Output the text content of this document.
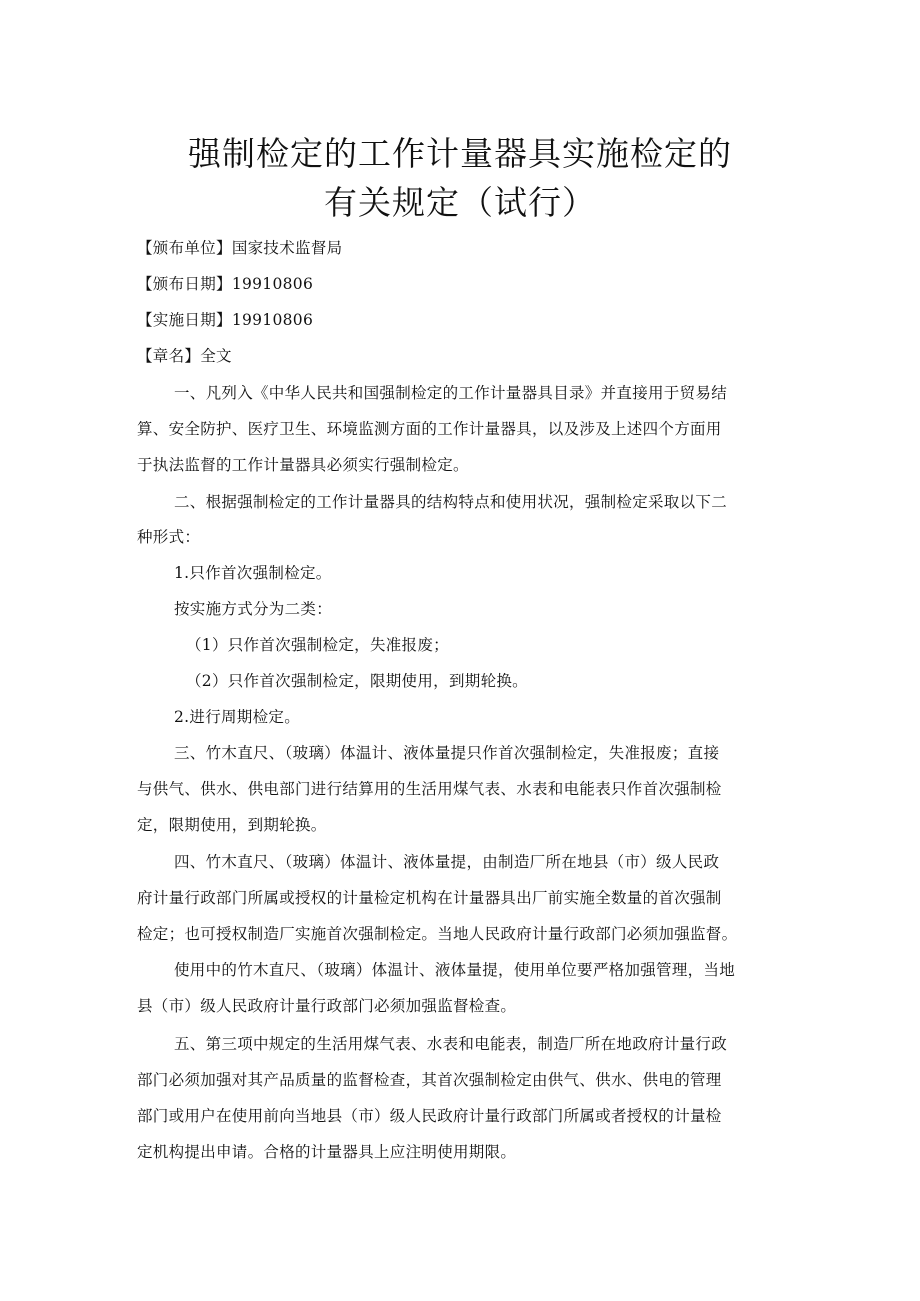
强制检定的工作计量器具实施检定的
有关规定（试行）
【颁布单位】国家技术监督局
【颁布日期】19910806
【实施日期】19910806
【章名】全文
一、凡列入《中华人民共和国强制检定的工作计量器具目录》并直接用于贸易结
算、安全防护、医疗卫生、环境监测方面的工作计量器具，以及涉及上述四个方面用
于执法监督的工作计量器具必须实行强制检定。
二、根据强制检定的工作计量器具的结构特点和使用状况，强制检定采取以下二
种形式：
1.只作首次强制检定。
按实施方式分为二类：
（1）只作首次强制检定，失准报废；
（2）只作首次强制检定，限期使用，到期轮换。
2.进行周期检定。
三、竹木直尺、（玻璃）体温计、液体量提只作首次强制检定，失准报废；直接
与供气、供水、供电部门进行结算用的生活用煤气表、水表和电能表只作首次强制检
定，限期使用，到期轮换。
四、竹木直尺、（玻璃）体温计、液体量提，由制造厂所在地县（市）级人民政
府计量行政部门所属或授权的计量检定机构在计量器具出厂前实施全数量的首次强制
检定；也可授权制造厂实施首次强制检定。当地人民政府计量行政部门必须加强监督。
使用中的竹木直尺、（玻璃）体温计、液体量提，使用单位要严格加强管理，当地
县（市）级人民政府计量行政部门必须加强监督检查。
五、第三项中规定的生活用煤气表、水表和电能表，制造厂所在地政府计量行政
部门必须加强对其产品质量的监督检查，其首次强制检定由供气、供水、供电的管理
部门或用户在使用前向当地县（市）级人民政府计量行政部门所属或者授权的计量检
定机构提出申请。合格的计量器具上应注明使用期限。
